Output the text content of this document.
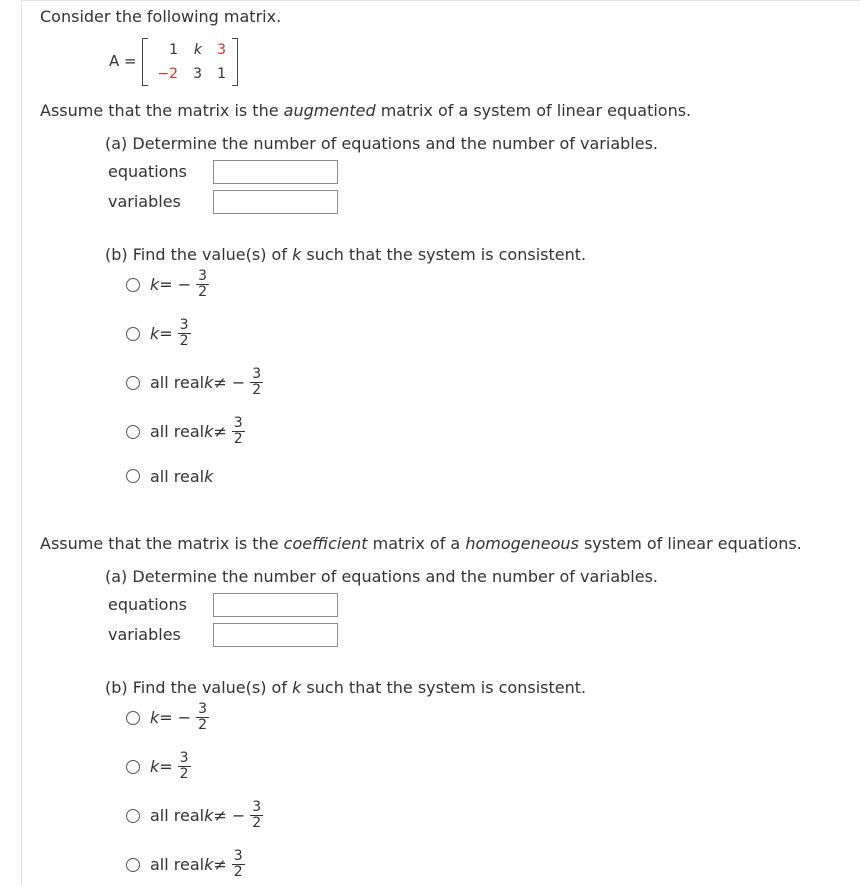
Consider the following matrix.
A =
1	k	3
−2	3	1
Assume that the matrix is the augmented matrix of a system of linear equations.
(a) Determine the number of equations and the number of variables.
equations
variables
(b) Find the value(s) of k such that the system is consistent.
k = − $\frac{3}{2}$
$k = \frac{3}{2}$
all real k ≠ − $\frac{3}{2}$
all real $k \ne \frac{3}{2}$
all real k
Assume that the matrix is the coefficient matrix of a homogeneous system of linear equations.
(a) Determine the number of equations and the number of variables.
equations
variables
(b) Find the value(s) of k such that the system is consistent.
k = − $\frac{3}{2}$
$k = \frac{3}{2}$
all real k ≠ − $\frac{3}{2}$
all real $k \ne \frac{3}{2}$
